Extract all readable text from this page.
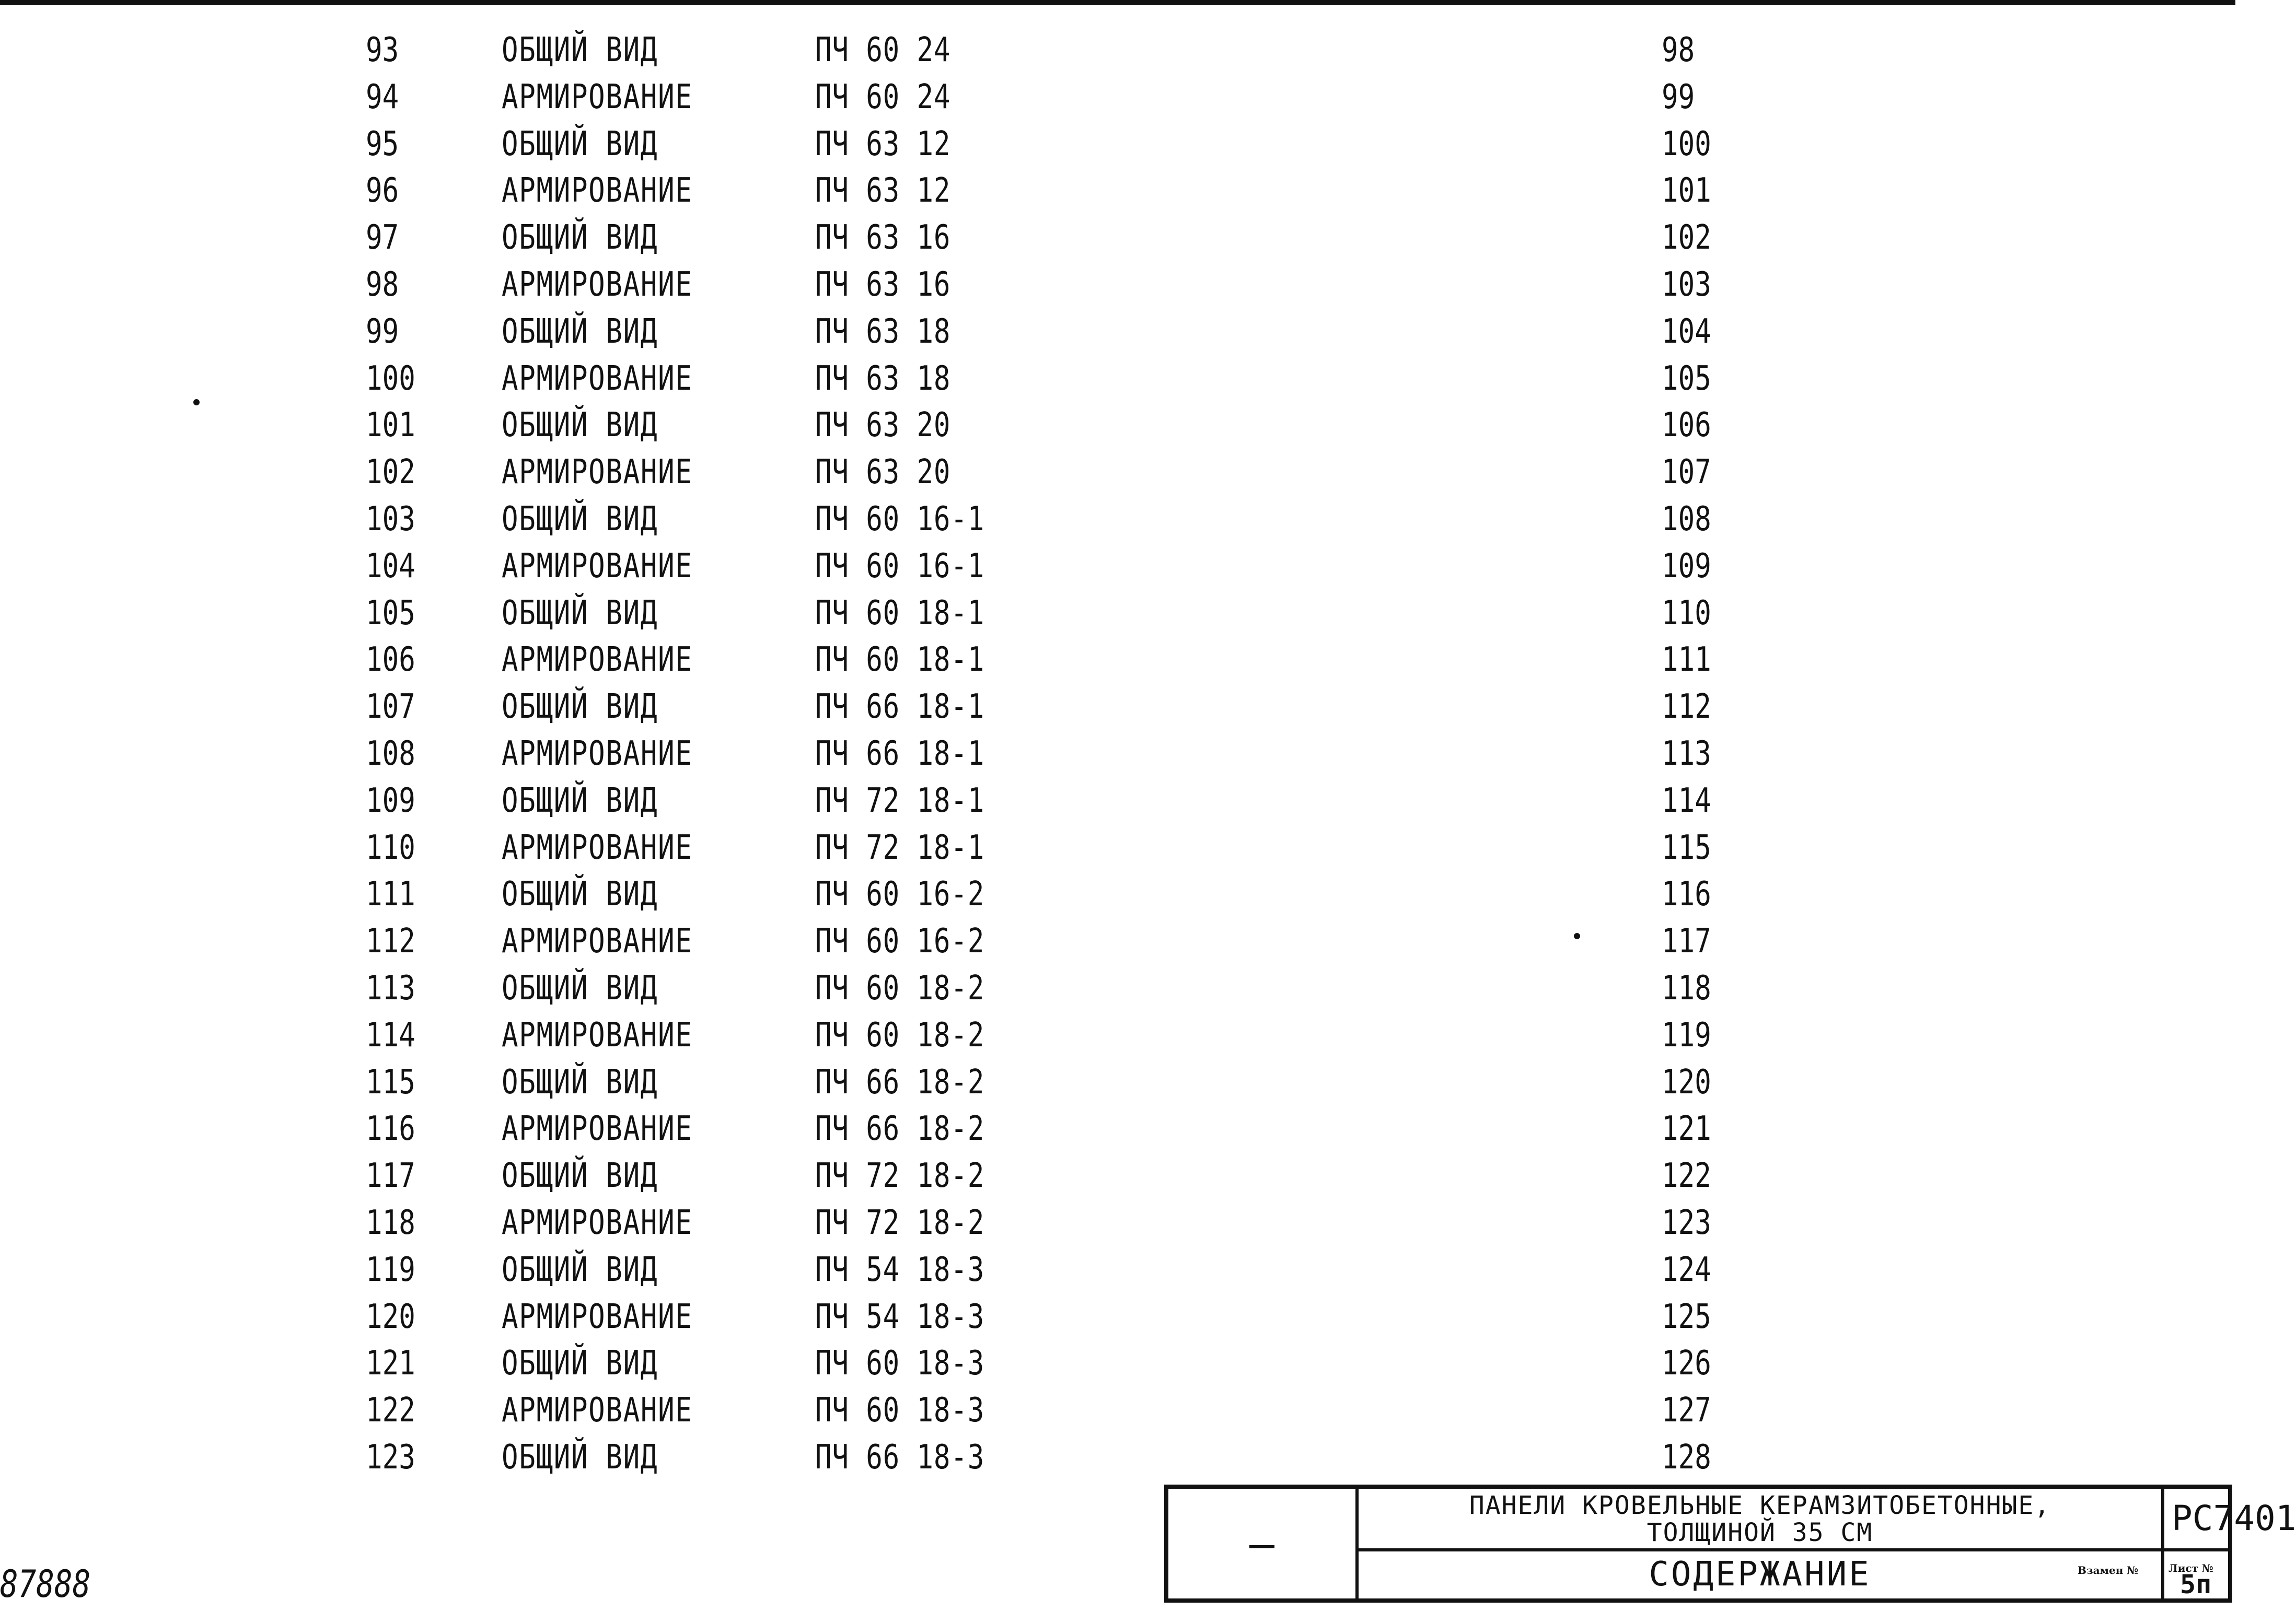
93	ОБЩИЙ ВИД	ПЧ 60 24	98
94	АРМИРОВАНИЕ	ПЧ 60 24	99
95	ОБЩИЙ ВИД	ПЧ 63 12	100
96	АРМИРОВАНИЕ	ПЧ 63 12	101
97	ОБЩИЙ ВИД	ПЧ 63 16	102
98	АРМИРОВАНИЕ	ПЧ 63 16	103
99	ОБЩИЙ ВИД	ПЧ 63 18	104
100	АРМИРОВАНИЕ	ПЧ 63 18	105
101	ОБЩИЙ ВИД	ПЧ 63 20	106
102	АРМИРОВАНИЕ	ПЧ 63 20	107
103	ОБЩИЙ ВИД	ПЧ 60 16-1	108
104	АРМИРОВАНИЕ	ПЧ 60 16-1	109
105	ОБЩИЙ ВИД	ПЧ 60 18-1	110
106	АРМИРОВАНИЕ	ПЧ 60 18-1	111
107	ОБЩИЙ ВИД	ПЧ 66 18-1	112
108	АРМИРОВАНИЕ	ПЧ 66 18-1	113
109	ОБЩИЙ ВИД	ПЧ 72 18-1	114
110	АРМИРОВАНИЕ	ПЧ 72 18-1	115
111	ОБЩИЙ ВИД	ПЧ 60 16-2	116
112	АРМИРОВАНИЕ	ПЧ 60 16-2	117
113	ОБЩИЙ ВИД	ПЧ 60 18-2	118
114	АРМИРОВАНИЕ	ПЧ 60 18-2	119
115	ОБЩИЙ ВИД	ПЧ 66 18-2	120
116	АРМИРОВАНИЕ	ПЧ 66 18-2	121
117	ОБЩИЙ ВИД	ПЧ 72 18-2	122
118	АРМИРОВАНИЕ	ПЧ 72 18-2	123
119	ОБЩИЙ ВИД	ПЧ 54 18-3	124
120	АРМИРОВАНИЕ	ПЧ 54 18-3	125
121	ОБЩИЙ ВИД	ПЧ 60 18-3	126
122	АРМИРОВАНИЕ	ПЧ 60 18-3	127
123	ОБЩИЙ ВИД	ПЧ 66 18-3	128
—
ПАНЕЛИ КРОВЕЛЬНЫЕ КЕРАМЗИТОБЕТОННЫЕ,
ТОЛЩИНОЙ 35 СМ
СОДЕРЖАНИЕ
РС7401
Взамен №	Лист №
5п
87888
